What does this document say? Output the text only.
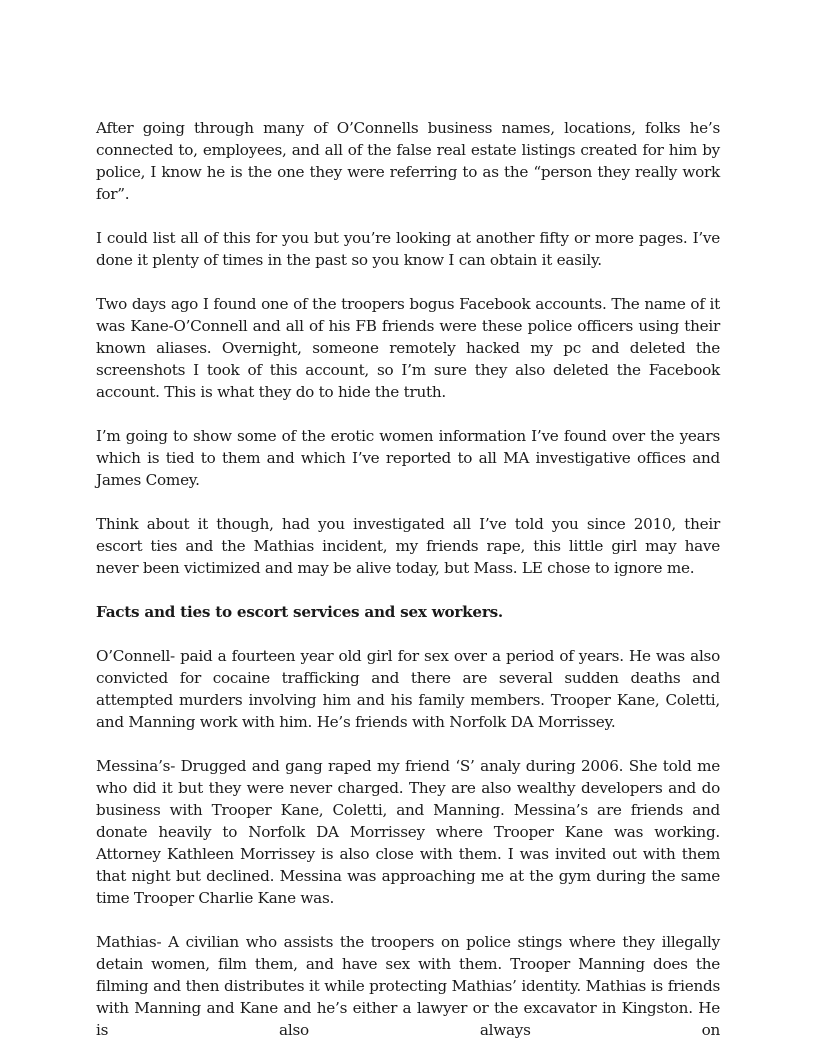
After going through many of O’Connells business names, locations, folks he’s connected to, employees, and all of the false real estate listings created for him by police, I know he is the one they were referring to as the “person they really work for”.

I could list all of this for you but you’re looking at another fifty or more pages. I’ve done it plenty of times in the past so you know I can obtain it easily.

Two days ago I found one of the troopers bogus Facebook accounts. The name of it was Kane-O’Connell and all of his FB friends were these police officers using their known aliases. Overnight, someone remotely hacked my pc and deleted the screenshots I took of this account, so I’m sure they also deleted the Facebook account. This is what they do to hide the truth.

I’m going to show some of the erotic women information I’ve found over the years which is tied to them and which I’ve reported to all MA investigative offices and James Comey.

Think about it though, had you investigated all I’ve told you since 2010, their escort ties and the Mathias incident, my friends rape, this little girl may have never been victimized and may be alive today, but Mass. LE chose to ignore me.

Facts and ties to escort services and sex workers.

O’Connell- paid a fourteen year old girl for sex over a period of years. He was also convicted for cocaine trafficking and there are several sudden deaths and attempted murders involving him and his family members. Trooper Kane, Coletti, and Manning work with him. He’s friends with Norfolk DA Morrissey.

Messina’s- Drugged and gang raped my friend ‘S’ analy during 2006. She told me who did it but they were never charged. They are also wealthy developers and do business with Trooper Kane, Coletti, and Manning. Messina’s are friends and donate heavily to Norfolk DA Morrissey where Trooper Kane was working. Attorney Kathleen Morrissey is also close with them. I was invited out with them that night but declined. Messina was approaching me at the gym during the same time Trooper Charlie Kane was.

Mathias- A civilian who assists the troopers on police stings where they illegally detain women, film them, and have sex with them. Trooper Manning does the filming and then distributes it while protecting Mathias’ identity. Mathias is friends with Manning and Kane and he’s either a lawyer or the excavator in Kingston. He is also always on
